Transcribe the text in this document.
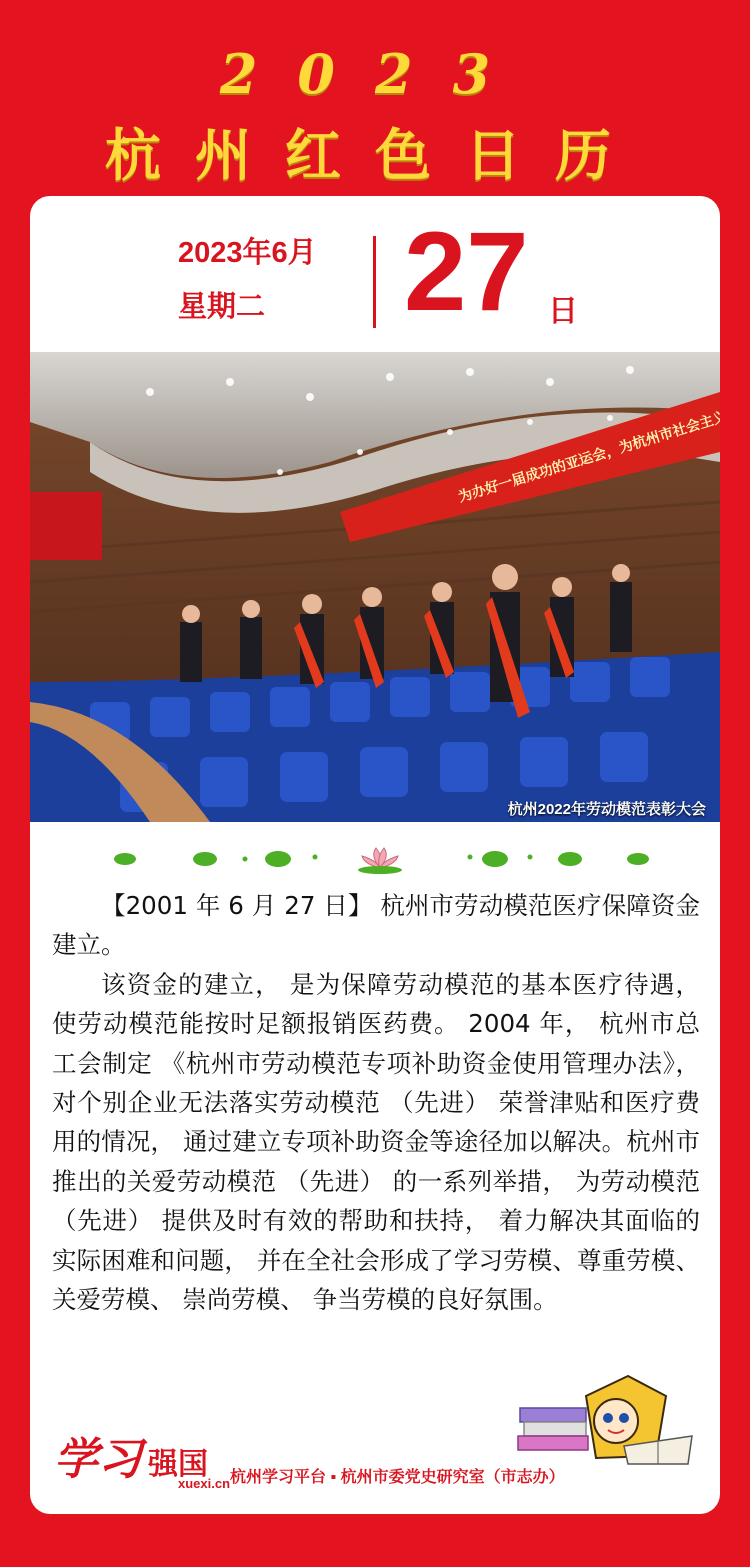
2023
杭州红色日历
2023年6月
星期二 27 日
杭州2022年劳动模范表彰大会

【2001 年 6 月 27 日】 杭州市劳动模范医疗保障资金建立。

该资金的建立， 是为保障劳动模范的基本医疗待遇， 使劳动模范能按时足额报销医药费。 2004 年， 杭州市总工会制定 《杭州市劳动模范专项补助资金使用管理办法》， 对个别企业无法落实劳动模范 （先进） 荣誉津贴和医疗费用的情况， 通过建立专项补助资金等途径加以解决。杭州市推出的关爱劳动模范 （先进） 的一系列举措， 为劳动模范 （先进） 提供及时有效的帮助和扶持， 着力解决其面临的实际困难和问题， 并在全社会形成了学习劳模、尊重劳模、 关爱劳模、 崇尚劳模、 争当劳模的良好氛围。

学习 强国
xuexi.cn 杭州学习平台 ▪ 杭州市委党史研究室（市志办）
